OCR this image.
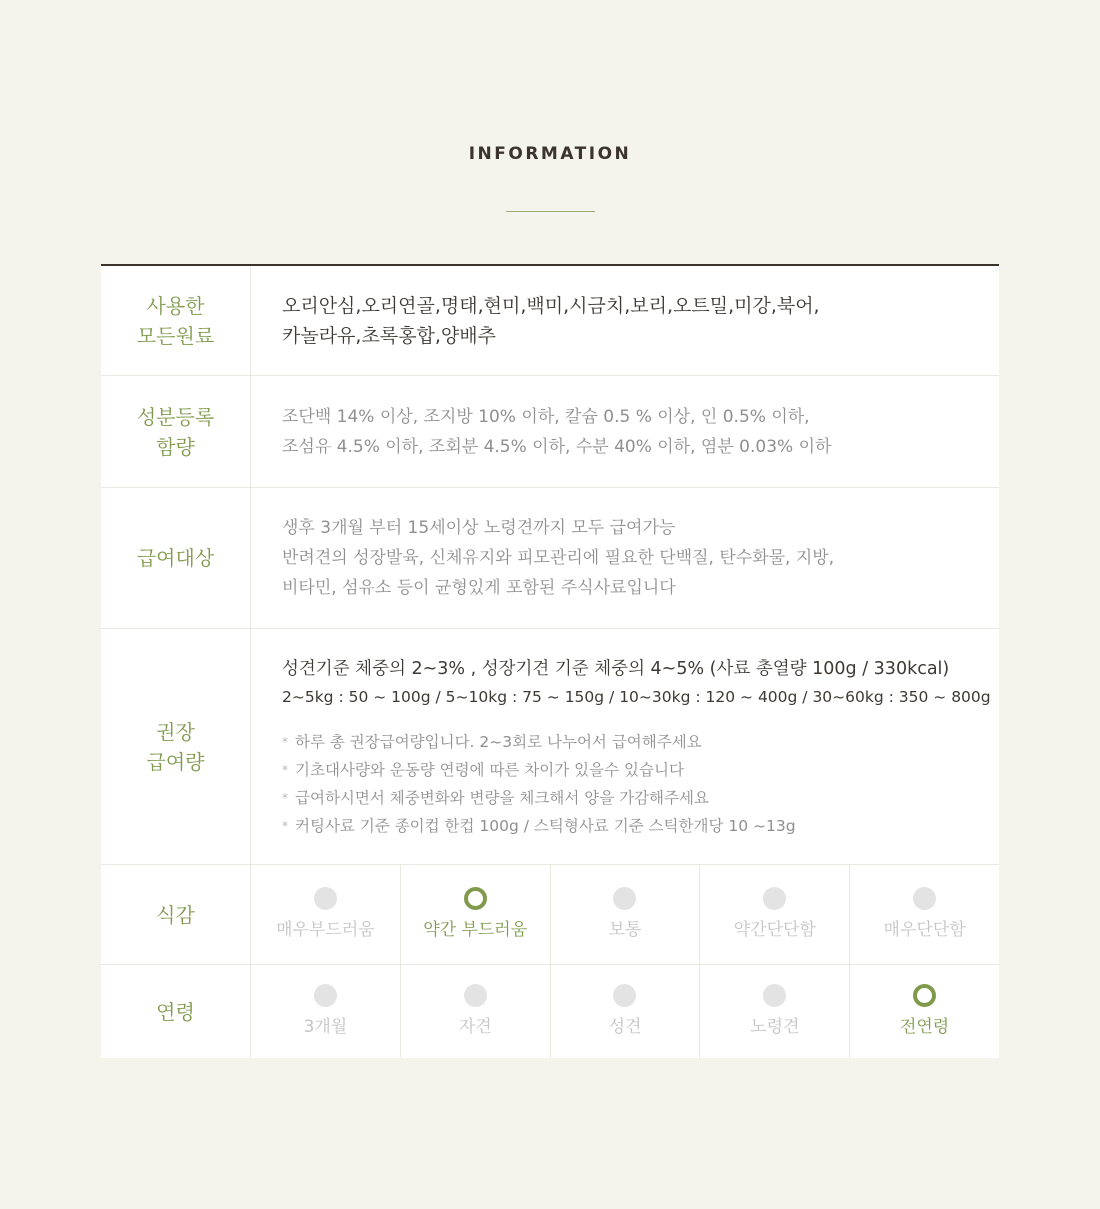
INFORMATION
사용한
모든원료
오리안심,오리연골,명태,현미,백미,시금치,보리,오트밀,미강,북어,
카놀라유,초록홍합,양배추
성분등록
함량
조단백 14% 이상, 조지방 10% 이하, 칼슘 0.5 % 이상, 인 0.5% 이하,
조섬유 4.5% 이하, 조회분 4.5% 이하, 수분 40% 이하, 염분 0.03% 이하
급여대상
생후 3개월 부터 15세이상 노령견까지 모두 급여가능
반려견의 성장발육, 신체유지와 피모관리에 필요한 단백질, 탄수화물, 지방,
비타민, 섬유소 등이 균형있게 포함된 주식사료입니다
권장
급여량
성견기준 체중의 2~3% , 성장기견 기준 체중의 4~5% (사료 총열량 100g / 330kcal)
2~5kg : 50 ~ 100g / 5~10kg : 75 ~ 150g / 10~30kg : 120 ~ 400g / 30~60kg : 350 ~ 800g
* 하루 총 권장급여량입니다. 2~3회로 나누어서 급여해주세요
* 기초대사량와 운동량 연령에 따른 차이가 있을수 있습니다
* 급여하시면서 체중변화와 변량을 체크해서 양을 가감해주세요
* 커팅사료 기준 종이컵 한컵 100g / 스틱형사료 기준 스틱한개당 10 ~13g
식감
매우부드러움	약간 부드러움	보통	약간단단함	매우단단함
연령
3개월	자견	성견	노령견	전연령
